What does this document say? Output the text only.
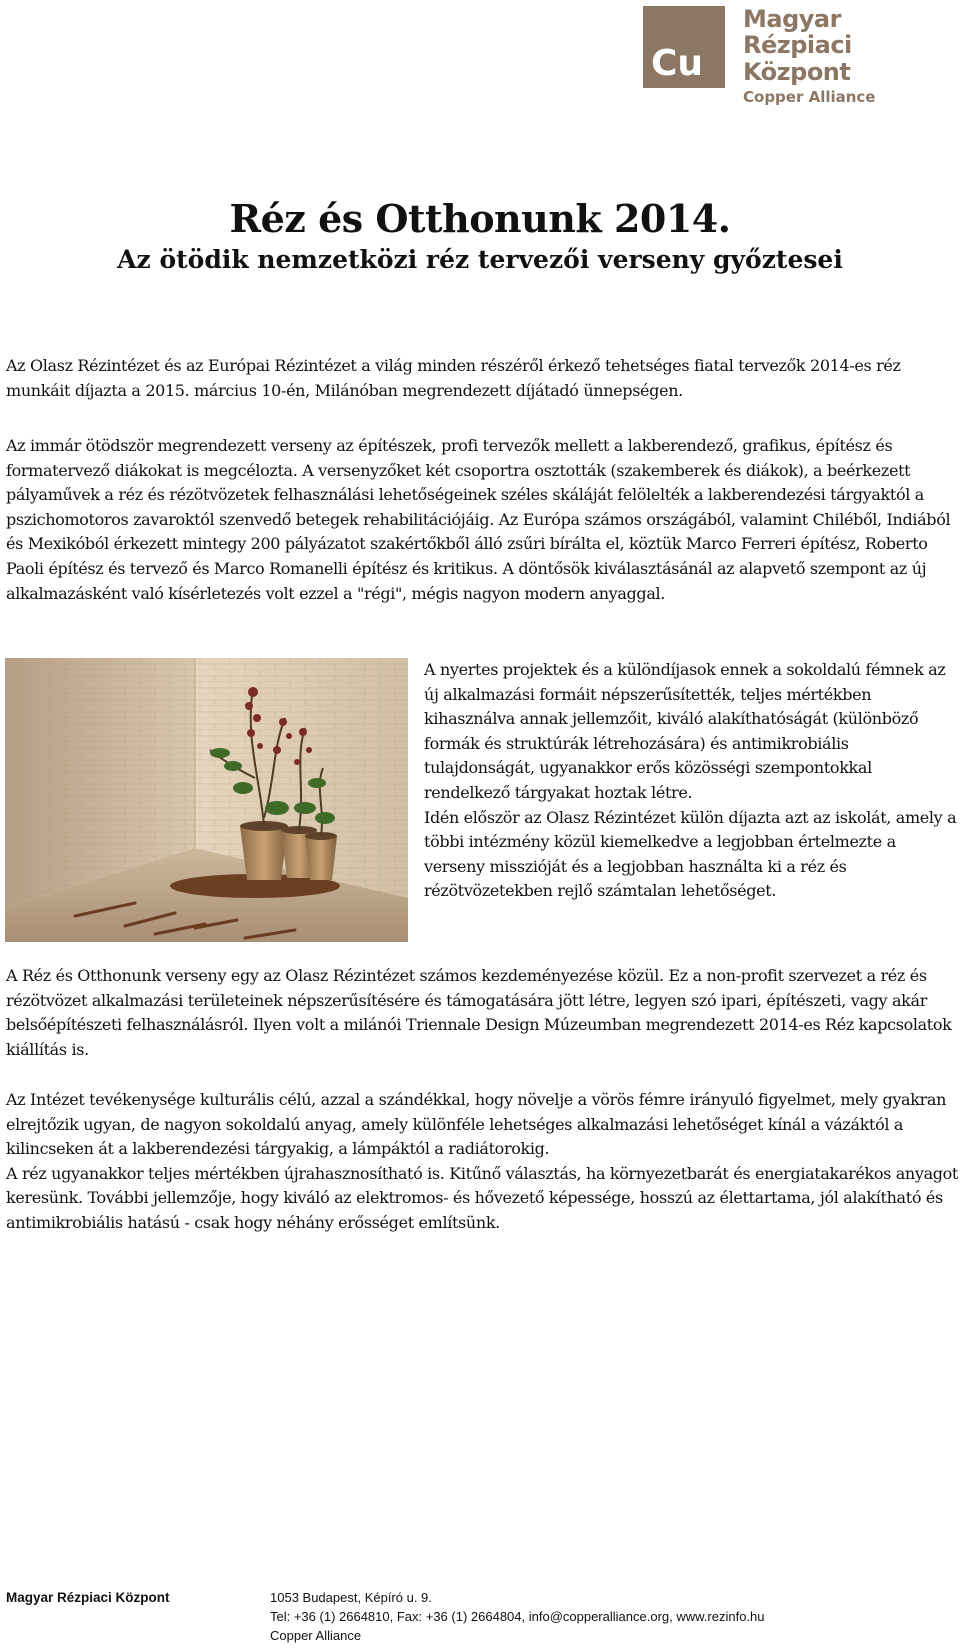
Cu
Magyar
Rézpiaci Központ
Copper Alliance
Réz és Otthonunk 2014.
Az ötödik nemzetközi réz tervezői verseny győztesei

Az Olasz Rézintézet és az Európai Rézintézet a világ minden részéről érkező tehetséges fiatal tervezők 2014-es réz munkáit díjazta a 2015. március 10-én, Milánóban megrendezett díjátadó ünnepségen.

Az immár ötödször megrendezett verseny az építészek, profi tervezők mellett a lakberendező, grafikus, építész és formatervező diákokat is megcélozta. A versenyzőket két csoportra osztották (szakemberek és diákok), a beérkezett pályaművek a réz és rézötvözetek felhasználási lehetőségeinek széles skáláját felölelték a lakberendezési tárgyaktól a pszichomotoros zavaroktól szenvedő betegek rehabilitációjáig. Az Európa számos országából, valamint Chiléből, Indiából és Mexikóból érkezett mintegy 200 pályázatot szakértőkből álló zsűri bírálta el, köztük Marco Ferreri építész, Roberto Paoli építész és tervező és Marco Romanelli építész és kritikus. A döntősök kiválasztásánál az alapvető szempont az új alkalmazásként való kísérletezés volt ezzel a "régi", mégis nagyon modern anyaggal.

A nyertes projektek és a különdíjasok ennek a sokoldalú fémnek az új alkalmazási formáit népszerűsítették, teljes mértékben kihasználva annak jellemzőit, kiváló alakíthatóságát (különböző formák és struktúrák létrehozására) és antimikrobiális tulajdonságát, ugyanakkor erős közösségi szempontokkal rendelkező tárgyakat hoztak létre.
Idén először az Olasz Rézintézet külön díjazta azt az iskolát, amely a többi intézmény közül kiemelkedve a legjobban értelmezte a verseny misszióját és a legjobban használta ki a réz és rézötvözetekben rejlő számtalan lehetőséget.

A Réz és Otthonunk verseny egy az Olasz Rézintézet számos kezdeményezése közül. Ez a non-profit szervezet a réz és rézötvözet alkalmazási területeinek népszerűsítésére és támogatására jött létre, legyen szó ipari, építészeti, vagy akár belsőépítészeti felhasználásról. Ilyen volt a milánói Triennale Design Múzeumban megrendezett 2014-es Réz kapcsolatok kiállítás is.

Az Intézet tevékenysége kulturális célú, azzal a szándékkal, hogy növelje a vörös fémre irányuló figyelmet, mely gyakran elrejtőzik ugyan, de nagyon sokoldalú anyag, amely különféle lehetséges alkalmazási lehetőséget kínál a vázáktól a kilincseken át a lakberendezési tárgyakig, a lámpáktól a radiátorokig.
A réz ugyanakkor teljes mértékben újrahasznosítható is. Kitűnő választás, ha környezetbarát és energiatakarékos anyagot keresünk. További jellemzője, hogy kiváló az elektromos- és hővezető képessége, hosszú az élettartama, jól alakítható és antimikrobiális hatású - csak hogy néhány erősséget említsünk.
Magyar Rézpiaci Központ	1053 Budapest, Képíró u. 9.
Tel: +36 (1) 2664810, Fax: +36 (1) 2664804, info@copperalliance.org, www.rezinfo.hu
Copper Alliance
